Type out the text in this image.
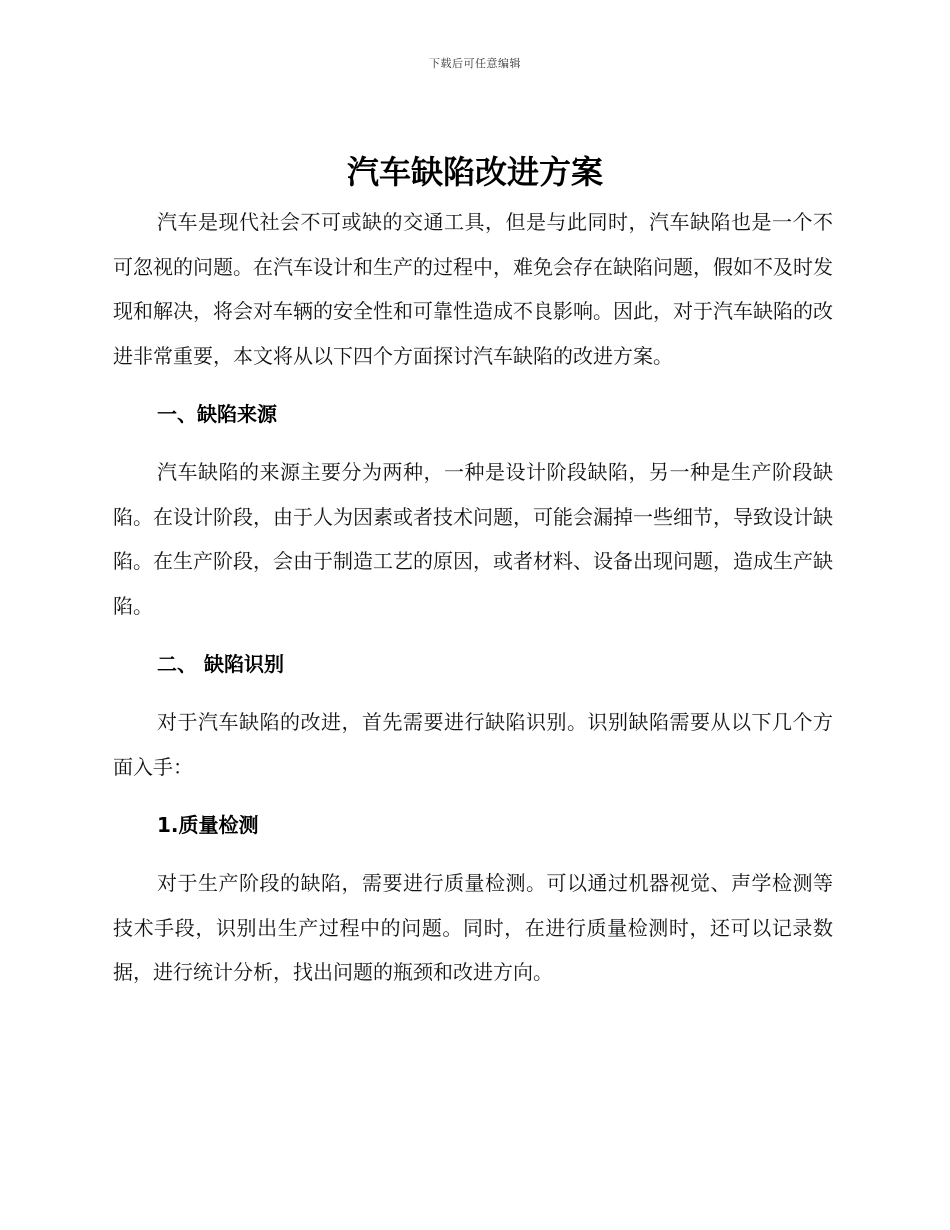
下载后可任意编辑
汽车缺陷改进方案

汽车是现代社会不可或缺的交通工具，但是与此同时，汽车缺陷也是一个不可忽视的问题。在汽车设计和生产的过程中，难免会存在缺陷问题，假如不及时发现和解决，将会对车辆的安全性和可靠性造成不良影响。因此，对于汽车缺陷的改进非常重要，本文将从以下四个方面探讨汽车缺陷的改进方案。

一、缺陷来源

汽车缺陷的来源主要分为两种，一种是设计阶段缺陷，另一种是生产阶段缺陷。在设计阶段，由于人为因素或者技术问题，可能会漏掉一些细节，导致设计缺陷。在生产阶段，会由于制造工艺的原因，或者材料、设备出现问题，造成生产缺陷。

二、 缺陷识别

对于汽车缺陷的改进，首先需要进行缺陷识别。识别缺陷需要从以下几个方面入手：

1.质量检测

对于生产阶段的缺陷，需要进行质量检测。可以通过机器视觉、声学检测等技术手段，识别出生产过程中的问题。同时，在进行质量检测时，还可以记录数据，进行统计分析，找出问题的瓶颈和改进方向。
